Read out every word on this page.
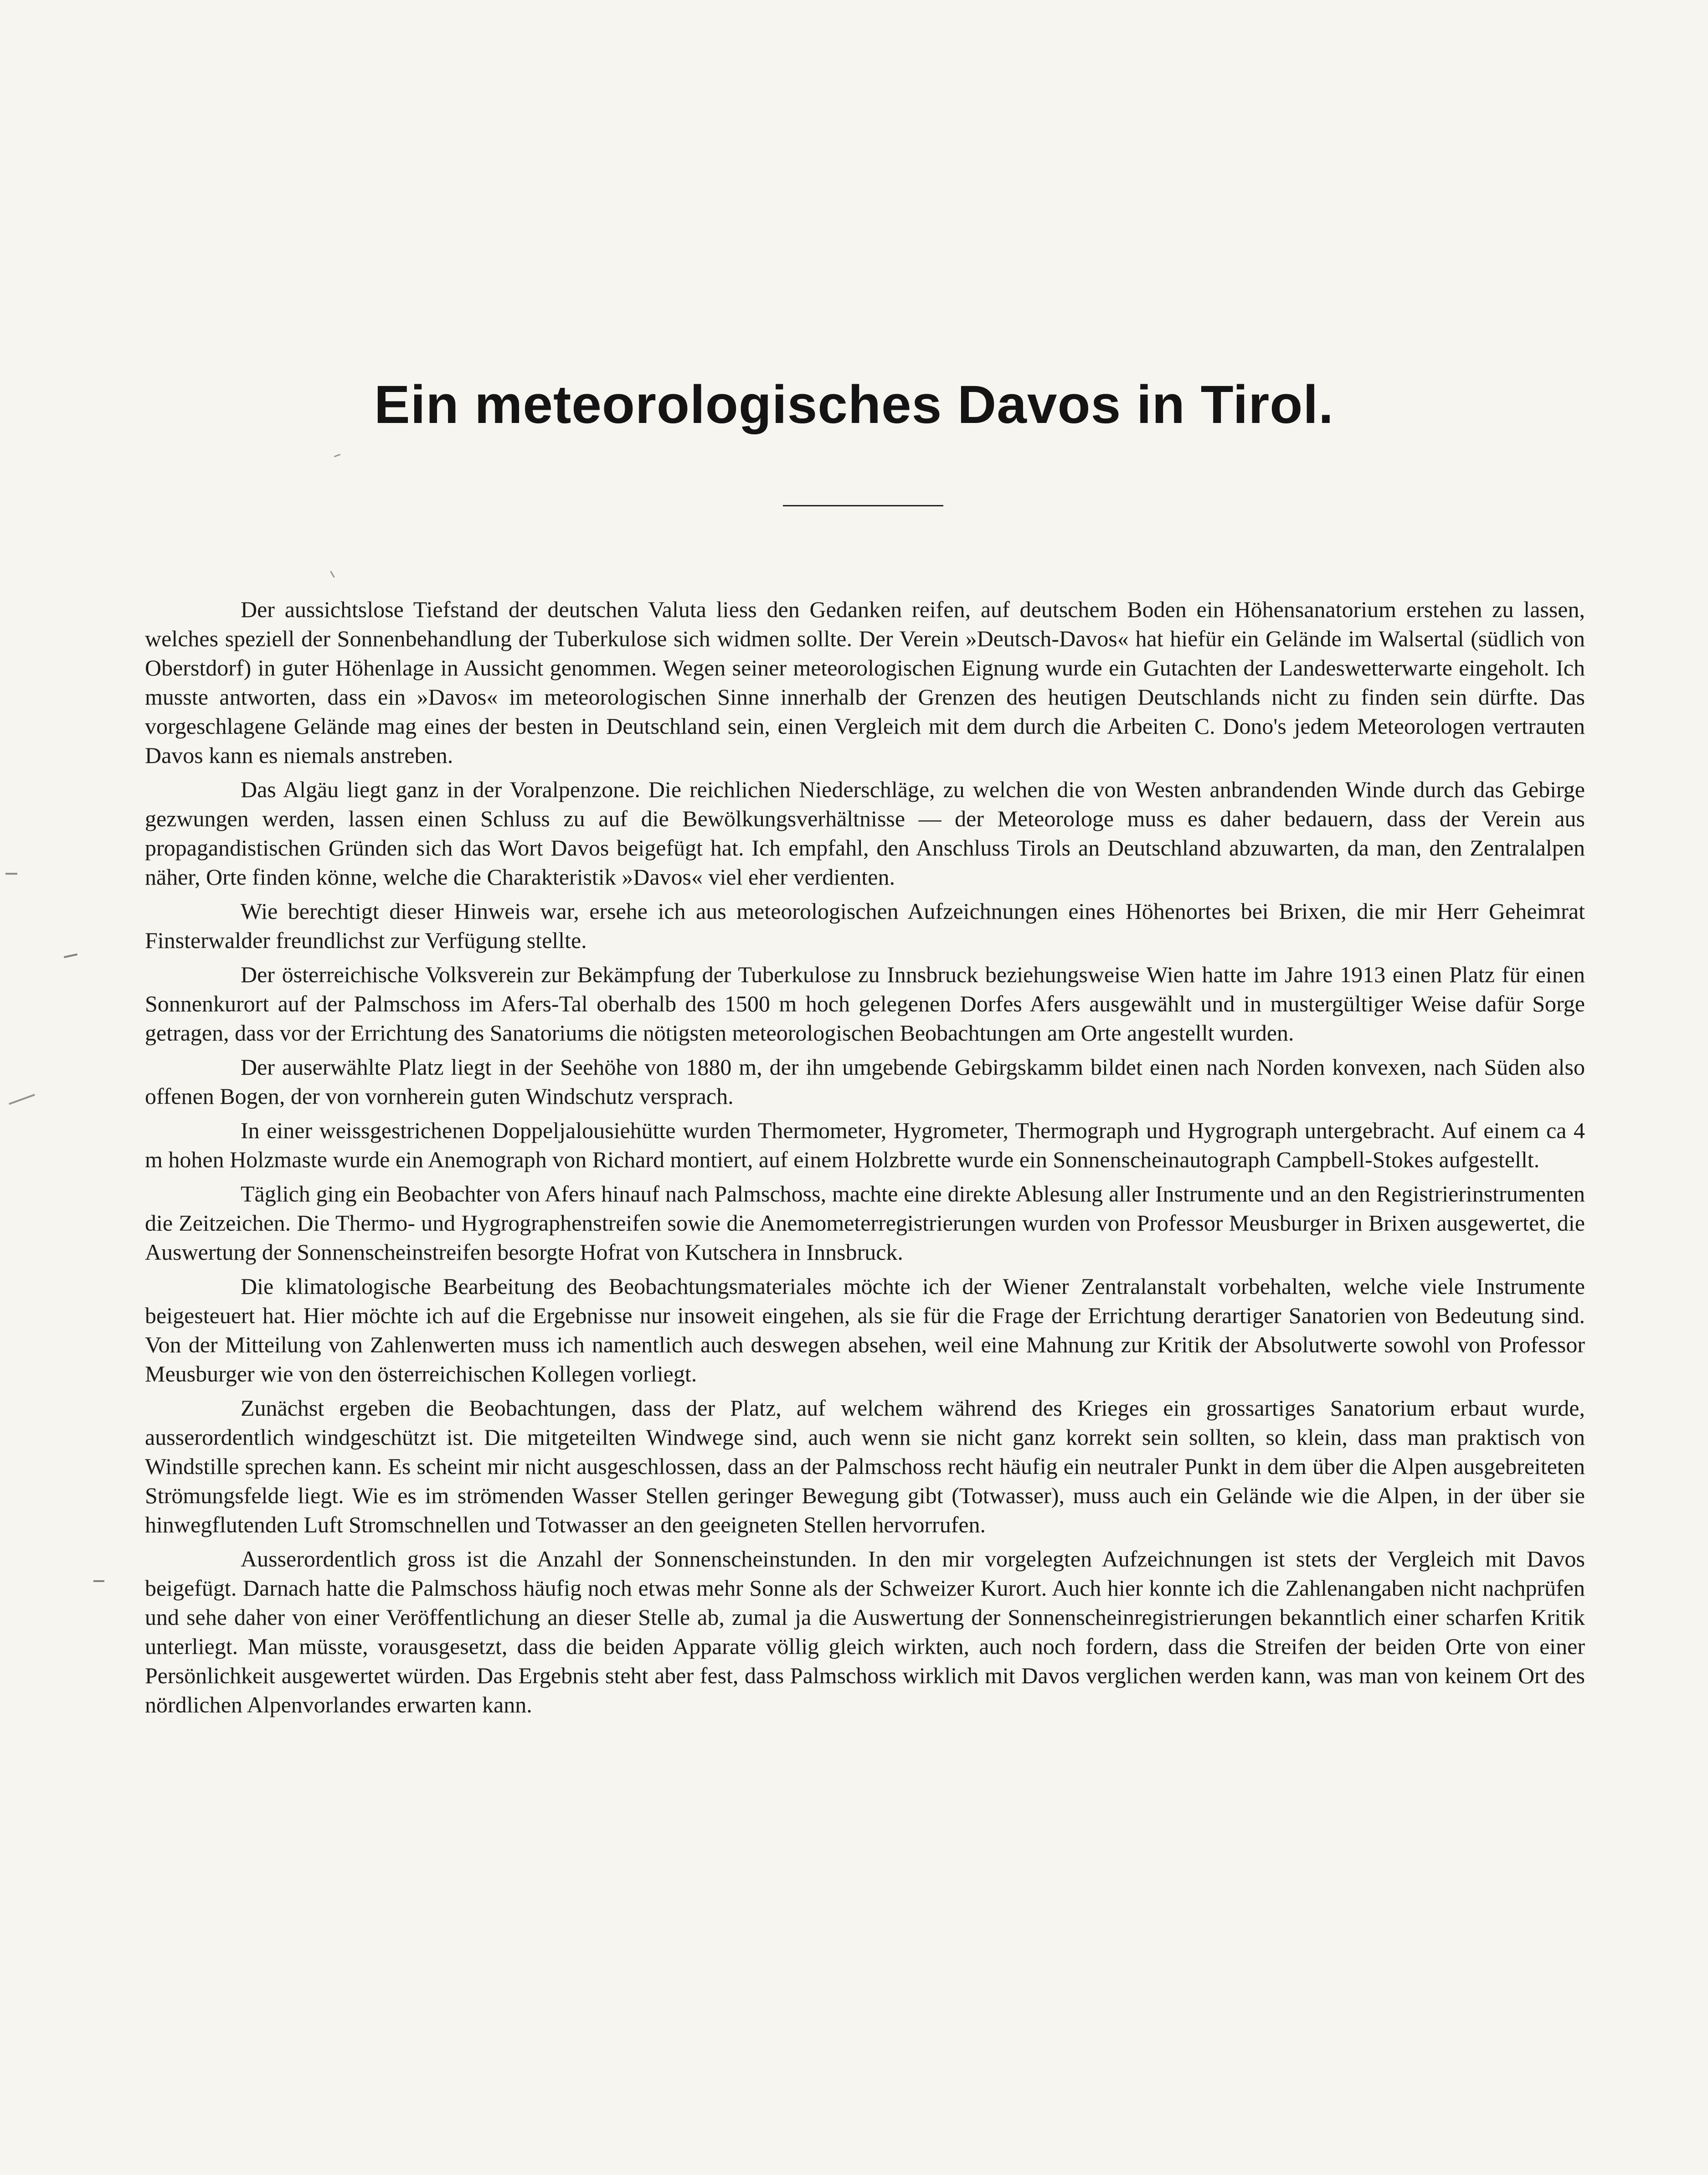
Ein meteorologisches Davos in Tirol.

Der aussichtslose Tiefstand der deutschen Valuta liess den Gedanken reifen, auf deutschem Boden ein Höhensanatorium erstehen zu lassen, welches speziell der Sonnenbehandlung der Tuberkulose sich widmen sollte. Der Verein »Deutsch-Davos« hat hiefür ein Gelände im Walsertal (südlich von Oberstdorf) in guter Höhenlage in Aussicht genommen. Wegen seiner meteorologischen Eignung wurde ein Gutachten der Landeswetterwarte eingeholt. Ich musste antworten, dass ein »Davos« im meteorologischen Sinne innerhalb der Grenzen des heutigen Deutschlands nicht zu finden sein dürfte. Das vorgeschlagene Gelände mag eines der besten in Deutschland sein, einen Vergleich mit dem durch die Arbeiten C. Dono's jedem Meteorologen vertrauten Davos kann es niemals anstreben.

Das Algäu liegt ganz in der Voralpenzone. Die reichlichen Niederschläge, zu welchen die von Westen anbrandenden Winde durch das Gebirge gezwungen werden, lassen einen Schluss zu auf die Bewölkungsverhältnisse — der Meteorologe muss es daher bedauern, dass der Verein aus propagandistischen Gründen sich das Wort Davos beigefügt hat. Ich empfahl, den Anschluss Tirols an Deutschland abzuwarten, da man, den Zentralalpen näher, Orte finden könne, welche die Charakteristik »Davos« viel eher verdienten.

Wie berechtigt dieser Hinweis war, ersehe ich aus meteorologischen Aufzeichnungen eines Höhenortes bei Brixen, die mir Herr Geheimrat Finsterwalder freundlichst zur Verfügung stellte.

Der österreichische Volksverein zur Bekämpfung der Tuberkulose zu Innsbruck beziehungsweise Wien hatte im Jahre 1913 einen Platz für einen Sonnenkurort auf der Palmschoss im Afers-Tal oberhalb des 1500 m hoch gelegenen Dorfes Afers ausgewählt und in mustergültiger Weise dafür Sorge getragen, dass vor der Errichtung des Sanatoriums die nötigsten meteorologischen Beobachtungen am Orte angestellt wurden.

Der auserwählte Platz liegt in der Seehöhe von 1880 m, der ihn umgebende Gebirgskamm bildet einen nach Norden konvexen, nach Süden also offenen Bogen, der von vornherein guten Windschutz versprach.

In einer weissgestrichenen Doppeljalousiehütte wurden Thermometer, Hygrometer, Thermograph und Hygrograph untergebracht. Auf einem ca 4 m hohen Holzmaste wurde ein Anemograph von Richard montiert, auf einem Holzbrette wurde ein Sonnenscheinautograph Campbell-Stokes aufgestellt.

Täglich ging ein Beobachter von Afers hinauf nach Palmschoss, machte eine direkte Ablesung aller Instrumente und an den Registrierinstrumenten die Zeitzeichen. Die Thermo- und Hygrographenstreifen sowie die Anemometerregistrierungen wurden von Professor Meusburger in Brixen ausgewertet, die Auswertung der Sonnenscheinstreifen besorgte Hofrat von Kutschera in Innsbruck.

Die klimatologische Bearbeitung des Beobachtungsmateriales möchte ich der Wiener Zentralanstalt vorbehalten, welche viele Instrumente beigesteuert hat. Hier möchte ich auf die Ergebnisse nur insoweit eingehen, als sie für die Frage der Errichtung derartiger Sanatorien von Bedeutung sind. Von der Mitteilung von Zahlenwerten muss ich namentlich auch deswegen absehen, weil eine Mahnung zur Kritik der Absolutwerte sowohl von Professor Meusburger wie von den österreichischen Kollegen vorliegt.

Zunächst ergeben die Beobachtungen, dass der Platz, auf welchem während des Krieges ein grossartiges Sanatorium erbaut wurde, ausserordentlich windgeschützt ist. Die mitgeteilten Windwege sind, auch wenn sie nicht ganz korrekt sein sollten, so klein, dass man praktisch von Windstille sprechen kann. Es scheint mir nicht ausgeschlossen, dass an der Palmschoss recht häufig ein neutraler Punkt in dem über die Alpen ausgebreiteten Strömungsfelde liegt. Wie es im strömenden Wasser Stellen geringer Bewegung gibt (Totwasser), muss auch ein Gelände wie die Alpen, in der über sie hinwegflutenden Luft Stromschnellen und Totwasser an den geeigneten Stellen hervorrufen.

Ausserordentlich gross ist die Anzahl der Sonnenscheinstunden. In den mir vorgelegten Aufzeichnungen ist stets der Vergleich mit Davos beigefügt. Darnach hatte die Palmschoss häufig noch etwas mehr Sonne als der Schweizer Kurort. Auch hier konnte ich die Zahlenangaben nicht nachprüfen und sehe daher von einer Veröffentlichung an dieser Stelle ab, zumal ja die Auswertung der Sonnenscheinregistrierungen bekanntlich einer scharfen Kritik unterliegt. Man müsste, vorausgesetzt, dass die beiden Apparate völlig gleich wirkten, auch noch fordern, dass die Streifen der beiden Orte von einer Persönlichkeit ausgewertet würden. Das Ergebnis steht aber fest, dass Palmschoss wirklich mit Davos verglichen werden kann, was man von keinem Ort des nördlichen Alpenvorlandes erwarten kann.
